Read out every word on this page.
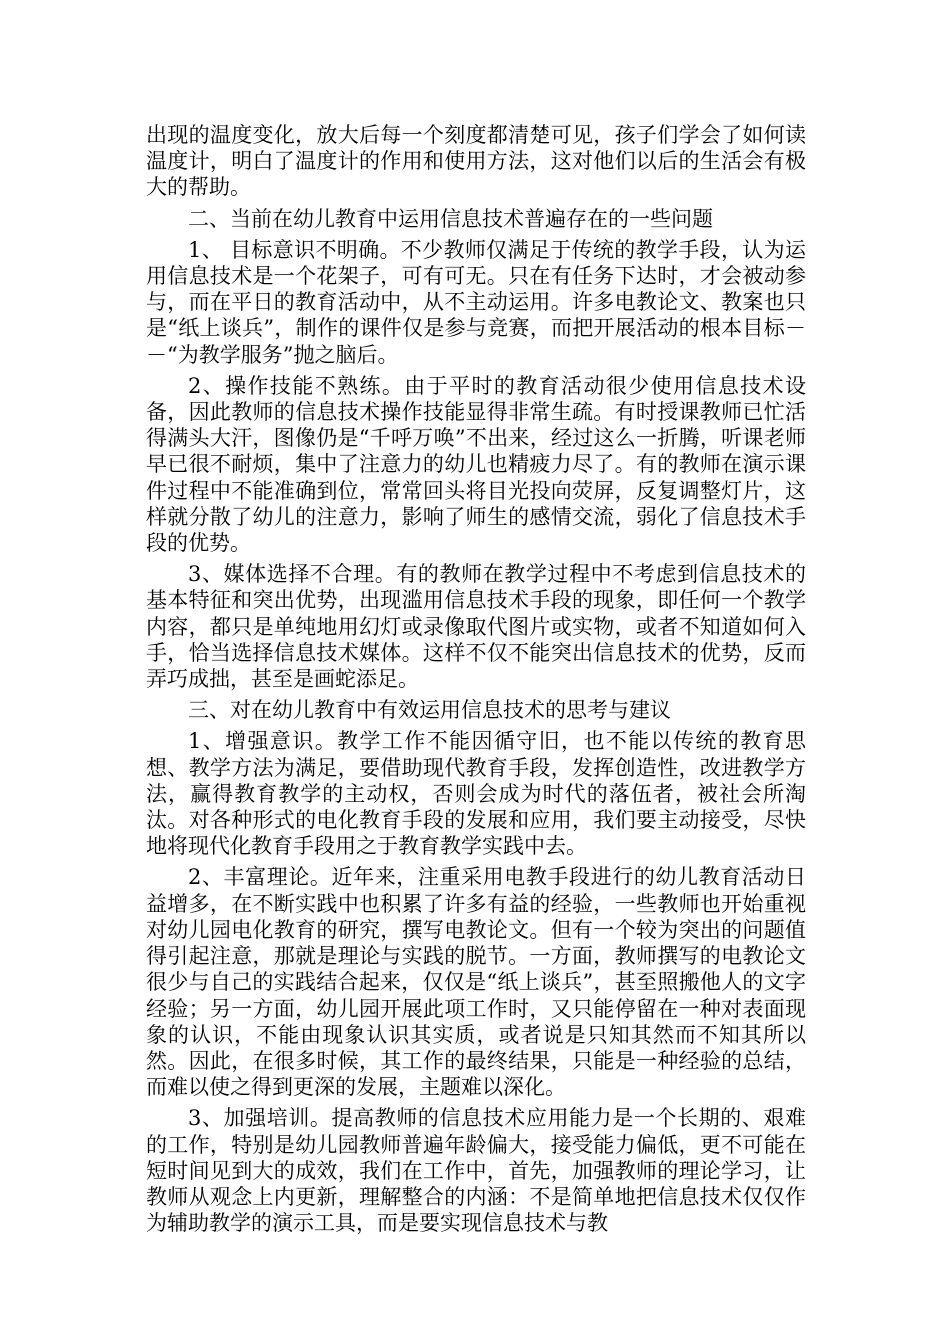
出现的温度变化，放大后每一个刻度都清楚可见，孩子们学会了如何读温度计，明白了温度计的作用和使用方法，这对他们以后的生活会有极大的帮助。

二、当前在幼儿教育中运用信息技术普遍存在的一些问题

1、 目标意识不明确。不少教师仅满足于传统的教学手段，认为运用信息技术是一个花架子，可有可无。只在有任务下达时，才会被动参与，而在平日的教育活动中，从不主动运用。许多电教论文、教案也只是“纸上谈兵”，制作的课件仅是参与竞赛，而把开展活动的根本目标－－“为教学服务”抛之脑后。

2、操作技能不熟练。由于平时的教育活动很少使用信息技术设备，因此教师的信息技术操作技能显得非常生疏。有时授课教师已忙活得满头大汗，图像仍是“千呼万唤”不出来，经过这么一折腾，听课老师早已很不耐烦，集中了注意力的幼儿也精疲力尽了。有的教师在演示课件过程中不能准确到位，常常回头将目光投向荧屏，反复调整灯片，这样就分散了幼儿的注意力，影响了师生的感情交流，弱化了信息技术手段的优势。

3、媒体选择不合理。有的教师在教学过程中不考虑到信息技术的基本特征和突出优势，出现滥用信息技术手段的现象，即任何一个教学内容，都只是单纯地用幻灯或录像取代图片或实物，或者不知道如何入手，恰当选择信息技术媒体。这样不仅不能突出信息技术的优势，反而弄巧成拙，甚至是画蛇添足。

三、对在幼儿教育中有效运用信息技术的思考与建议

1、增强意识。教学工作不能因循守旧，也不能以传统的教育思想、教学方法为满足，要借助现代教育手段，发挥创造性，改进教学方法，赢得教育教学的主动权，否则会成为时代的落伍者，被社会所淘汰。对各种形式的电化教育手段的发展和应用，我们要主动接受，尽快地将现代化教育手段用之于教育教学实践中去。

2、丰富理论。近年来，注重采用电教手段进行的幼儿教育活动日益增多，在不断实践中也积累了许多有益的经验，一些教师也开始重视对幼儿园电化教育的研究，撰写电教论文。但有一个较为突出的问题值得引起注意，那就是理论与实践的脱节。一方面，教师撰写的电教论文很少与自己的实践结合起来，仅仅是“纸上谈兵”，甚至照搬他人的文字经验；另一方面，幼儿园开展此项工作时，又只能停留在一种对表面现象的认识，不能由现象认识其实质，或者说是只知其然而不知其所以然。因此，在很多时候，其工作的最终结果，只能是一种经验的总结，而难以使之得到更深的发展，主题难以深化。

3、加强培训。提高教师的信息技术应用能力是一个长期的、艰难的工作，特别是幼儿园教师普遍年龄偏大，接受能力偏低，更不可能在短时间见到大的成效，我们在工作中，首先，加强教师的理论学习，让教师从观念上内更新，理解整合的内涵：不是简单地把信息技术仅仅作为辅助教学的演示工具，而是要实现信息技术与教
